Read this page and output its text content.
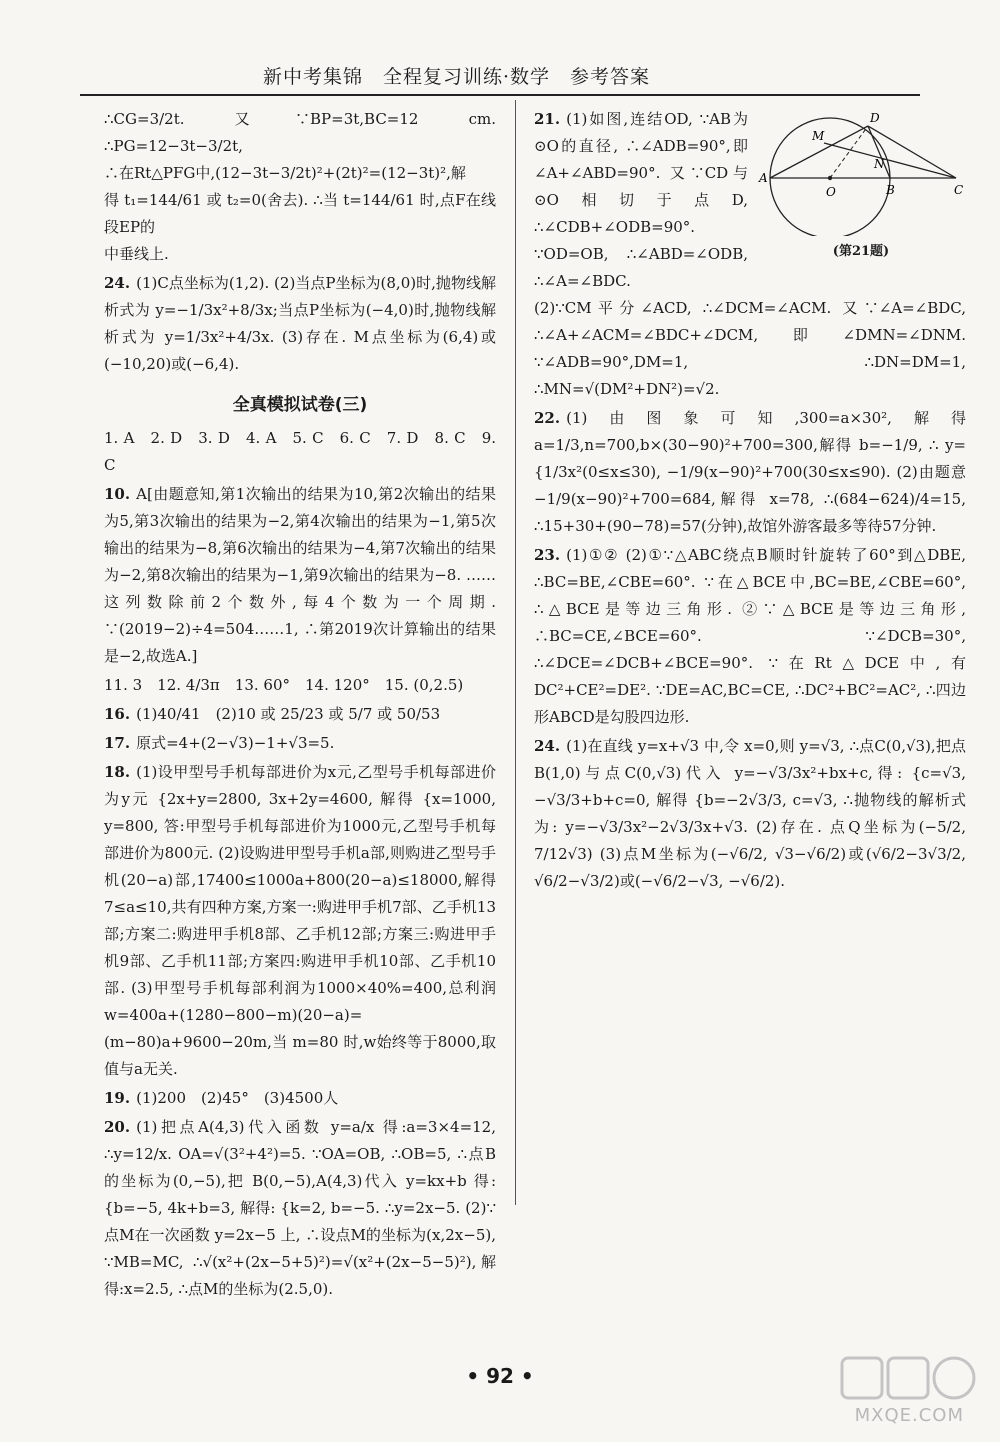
新中考集锦　全程复习训练·数学　参考答案
∴CG=3/2t. 又∵BP=3t,BC=12 cm. ∴PG=12−3t−3/2t,
∴在Rt△PFG中,(12−3t−3/2t)²+(2t)²=(12−3t)²,解
得 t₁=144/61 或 t₂=0(舍去). ∴当 t=144/61 时,点F在线段EP的
中垂线上.
24. (1)C点坐标为(1,2). (2)当点P坐标为(8,0)时,抛物线解析式为 y=−1/3x²+8/3x;当点P坐标为(−4,0)时,抛物线解析式为 y=1/3x²+4/3x. (3)存在. M点坐标为(6,4)或(−10,20)或(−6,4).
全真模拟试卷(三)
1. A　2. D　3. D　4. A　5. C　6. C　7. D　8. C　9. C
10. A[由题意知,第1次输出的结果为10,第2次输出的结果为5,第3次输出的结果为−2,第4次输出的结果为−1,第5次输出的结果为−8,第6次输出的结果为−4,第7次输出的结果为−2,第8次输出的结果为−1,第9次输出的结果为−8. ……这列数除前2个数外,每4个数为一个周期. ∵(2019−2)÷4=504……1, ∴第2019次计算输出的结果是−2,故选A.]
11. 3　12. 4/3π　13. 60°　14. 120°　15. (0,2.5)
16. (1)40/41　(2)10 或 25/23 或 5/7 或 50/53
17. 原式=4+(2−√3)−1+√3=5.
18. (1)设甲型号手机每部进价为x元,乙型号手机每部进价为y元 {2x+y=2800, 3x+2y=4600, 解得 {x=1000, y=800, 答:甲型号手机每部进价为1000元,乙型号手机每部进价为800元. (2)设购进甲型号手机a部,则购进乙型号手机(20−a)部,17400≤1000a+800(20−a)≤18000,解得 7≤a≤10,共有四种方案,方案一:购进甲手机7部、乙手机13部;方案二:购进甲手机8部、乙手机12部;方案三:购进甲手机9部、乙手机11部;方案四:购进甲手机10部、乙手机10部. (3)甲型号手机每部利润为1000×40%=400,总利润 w=400a+(1280−800−m)(20−a)=(m−80)a+9600−20m,当 m=80 时,w始终等于8000,取值与a无关.
19. (1)200　(2)45°　(3)4500人
20. (1)把点A(4,3)代入函数 y=a/x 得:a=3×4=12, ∴y=12/x. OA=√(3²+4²)=5. ∵OA=OB, ∴OB=5, ∴点B的坐标为(0,−5),把 B(0,−5),A(4,3)代入 y=kx+b 得: {b=−5, 4k+b=3, 解得: {k=2, b=−5. ∴y=2x−5. (2)∵点M在一次函数 y=2x−5 上, ∴设点M的坐标为(x,2x−5), ∵MB=MC, ∴√(x²+(2x−5+5)²)=√(x²+(2x−5−5)²),解得:x=2.5, ∴点M的坐标为(2.5,0).
A
O	B	C
D
M
N
(第21题)
21. (1)如图,连结OD, ∵AB为⊙O的直径, ∴∠ADB=90°,即∠A+∠ABD=90°. 又∵CD与⊙O相切于点D, ∴∠CDB+∠ODB=90°. ∵OD=OB, ∴∠ABD=∠ODB, ∴∠A=∠BDC.
(2)∵CM平分∠ACD, ∴∠DCM=∠ACM. 又∵∠A=∠BDC, ∴∠A+∠ACM=∠BDC+∠DCM,即∠DMN=∠DNM. ∵∠ADB=90°,DM=1, ∴DN=DM=1, ∴MN=√(DM²+DN²)=√2.
22. (1)由图象可知,300=a×30²,解得 a=1/3,n=700,b×(30−90)²+700=300,解得 b=−1/9, ∴ y= {1/3x²(0≤x≤30), −1/9(x−90)²+700(30≤x≤90). (2)由题意 −1/9(x−90)²+700=684,解得 x=78, ∴(684−624)/4=15, ∴15+30+(90−78)=57(分钟),故馆外游客最多等待57分钟.
23. (1)①② (2)①∵△ABC绕点B顺时针旋转了60°到△DBE, ∴BC=BE,∠CBE=60°. ∵在△BCE中,BC=BE,∠CBE=60°, ∴△BCE是等边三角形. ②∵△BCE是等边三角形, ∴BC=CE,∠BCE=60°. ∵∠DCB=30°, ∴∠DCE=∠DCB+∠BCE=90°. ∵在Rt△DCE中,有 DC²+CE²=DE². ∵DE=AC,BC=CE, ∴DC²+BC²=AC², ∴四边形ABCD是勾股四边形.
24. (1)在直线 y=x+√3 中,令 x=0,则 y=√3, ∴点C(0,√3),把点B(1,0)与点C(0,√3)代入 y=−√3/3x²+bx+c,得: {c=√3, −√3/3+b+c=0, 解得 {b=−2√3/3, c=√3, ∴抛物线的解析式为: y=−√3/3x²−2√3/3x+√3. (2)存在. 点Q坐标为(−5/2, 7/12√3) (3)点M坐标为(−√6/2, √3−√6/2)或(√6/2−3√3/2, √6/2−√3/2)或(−√6/2−√3, −√6/2).
• 92 •
MXQE.COM
